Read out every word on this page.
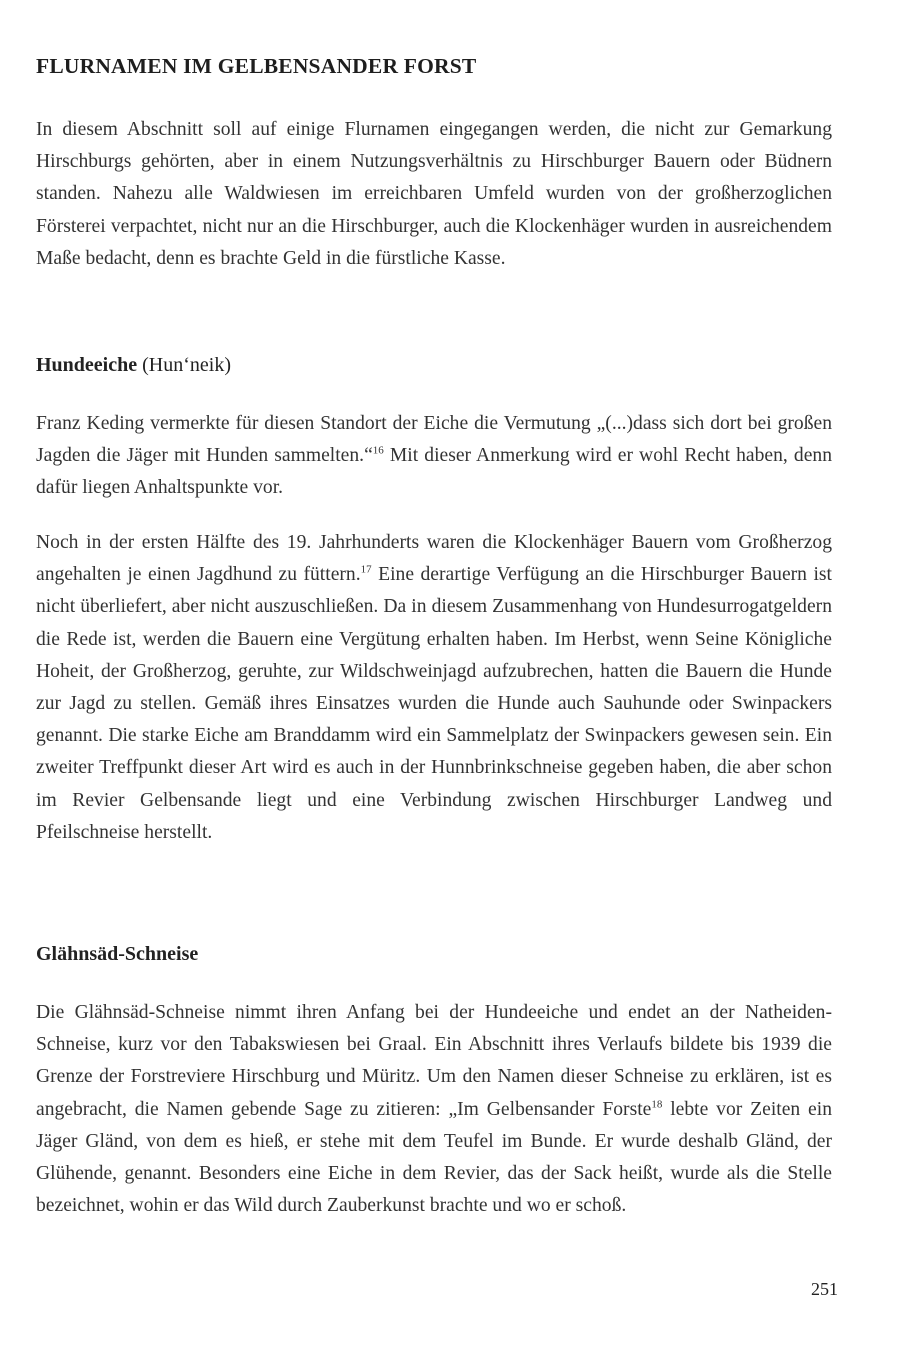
FLURNAMEN IM GELBENSANDER FORST

In diesem Abschnitt soll auf einige Flurnamen eingegangen werden, die nicht zur Gemarkung Hirschburgs gehörten, aber in einem Nutzungsverhältnis zu Hirschburger Bauern oder Büdnern standen. Nahezu alle Waldwiesen im erreichbaren Umfeld wurden von der großherzoglichen Försterei verpachtet, nicht nur an die Hirschburger, auch die Klockenhäger wurden in ausreichendem Maße bedacht, denn es brachte Geld in die fürstliche Kasse.

Hundeeiche (Hun‘neik)

Franz Keding vermerkte für diesen Standort der Eiche die Vermutung „(...)dass sich dort bei großen Jagden die Jäger mit Hunden sammelten.“$^{16}$ Mit dieser Anmerkung wird er wohl Recht haben, denn dafür liegen Anhaltspunkte vor.

Noch in der ersten Hälfte des 19. Jahrhunderts waren die Klockenhäger Bauern vom Großherzog angehalten je einen Jagdhund zu füttern.$^{17}$ Eine derartige Verfügung an die Hirschburger Bauern ist nicht überliefert, aber nicht auszuschließen. Da in diesem Zusammenhang von Hundesurrogatgeldern die Rede ist, werden die Bauern eine Vergütung erhalten haben. Im Herbst, wenn Seine Königliche Hoheit, der Großherzog, geruhte, zur Wildschweinjagd aufzubrechen, hatten die Bauern die Hunde zur Jagd zu stellen. Gemäß ihres Einsatzes wurden die Hunde auch Sauhunde oder Swinpackers genannt. Die starke Eiche am Branddamm wird ein Sammelplatz der Swinpackers gewesen sein. Ein zweiter Treffpunkt dieser Art wird es auch in der Hunnbrinkschneise gegeben haben, die aber schon im Revier Gelbensande liegt und eine Verbindung zwischen Hirschburger Landweg und Pfeilschneise herstellt.

Glähnsäd-Schneise

Die Glähnsäd-Schneise nimmt ihren Anfang bei der Hundeeiche und endet an der Natheiden-Schneise, kurz vor den Tabakswiesen bei Graal. Ein Abschnitt ihres Verlaufs bildete bis 1939 die Grenze der Forstreviere Hirschburg und Müritz. Um den Namen dieser Schneise zu erklären, ist es angebracht, die Namen gebende Sage zu zitieren: „Im Gelbensander Forste$^{18}$ lebte vor Zeiten ein Jäger Gländ, von dem es hieß, er stehe mit dem Teufel im Bunde. Er wurde deshalb Gländ, der Glühende, genannt. Besonders eine Eiche in dem Revier, das der Sack heißt, wurde als die Stelle bezeichnet, wohin er das Wild durch Zauberkunst brachte und wo er schoß.

251
